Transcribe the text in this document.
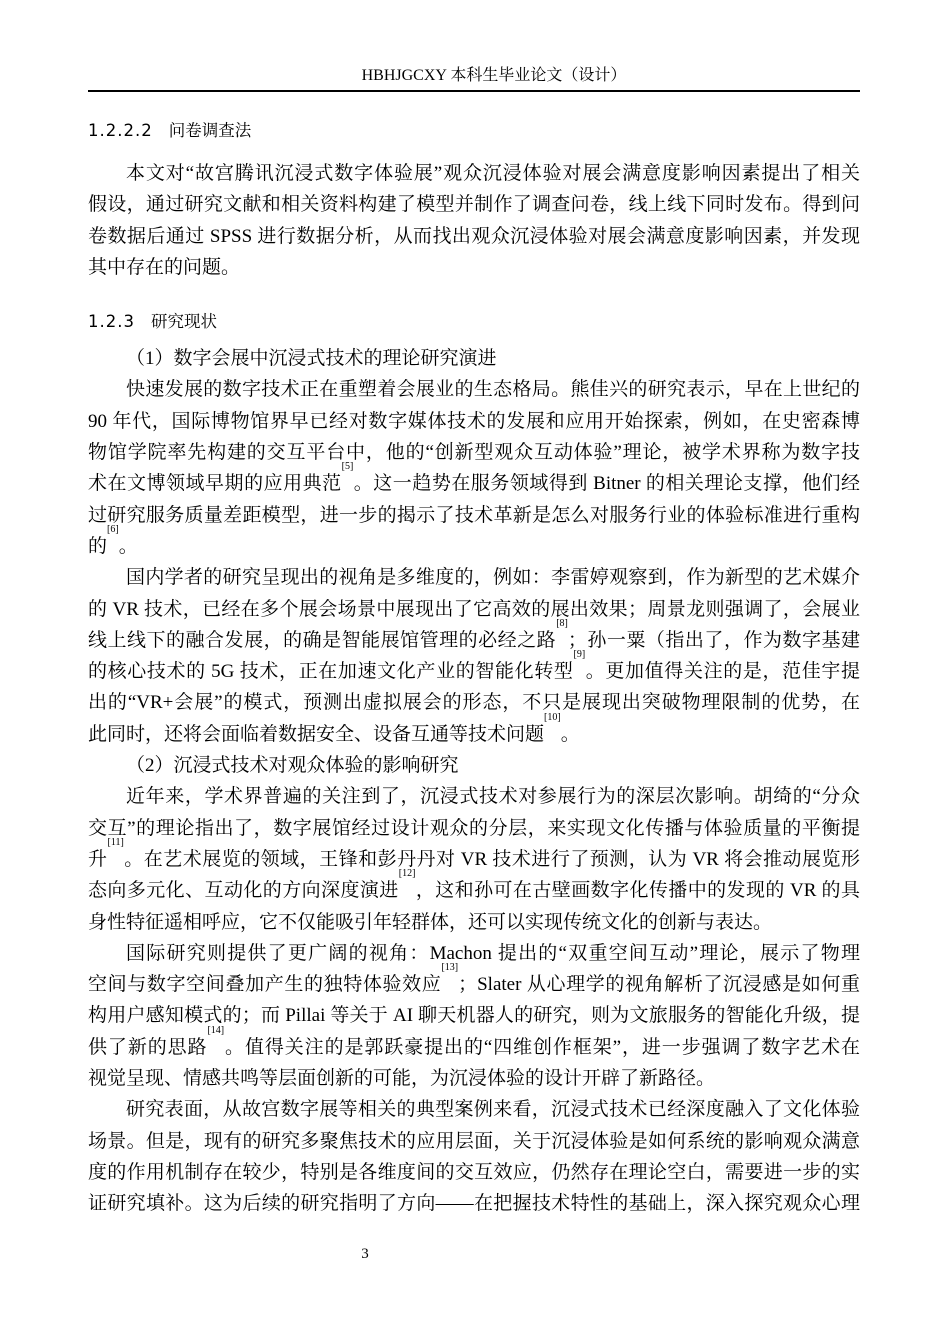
HBHJGCXY 本科生毕业论文（设计）
1.2.2.2 问卷调查法
本文对“故宫腾讯沉浸式数字体验展”观众沉浸体验对展会满意度影响因素提出了相关
假设，通过研究文献和相关资料构建了模型并制作了调查问卷，线上线下同时发布。得到问
卷数据后通过 SPSS 进行数据分析，从而找出观众沉浸体验对展会满意度影响因素，并发现
其中存在的问题。
1.2.3 研究现状
（1）数字会展中沉浸式技术的理论研究演进
快速发展的数字技术正在重塑着会展业的生态格局。熊佳兴的研究表示，早在上世纪的
90 年代，国际博物馆界早已经对数字媒体技术的发展和应用开始探索，例如，在史密森博
物馆学院率先构建的交互平台中，他的“创新型观众互动体验”理论，被学术界称为数字技
术在文博领域早期的应用典范[5]。这一趋势在服务领域得到 Bitner 的相关理论支撑，他们经
过研究服务质量差距模型，进一步的揭示了技术革新是怎么对服务行业的体验标准进行重构
的[6]。
国内学者的研究呈现出的视角是多维度的，例如：李雷婷观察到，作为新型的艺术媒介
的 VR 技术，已经在多个展会场景中展现出了它高效的展出效果；周景龙则强调了，会展业
线上线下的融合发展，的确是智能展馆管理的必经之路[8]；孙一粟（指出了，作为数字基建
的核心技术的 5G 技术，正在加速文化产业的智能化转型[9]。更加值得关注的是，范佳宇提
出的“VR+会展”的模式，预测出虚拟展会的形态，不只是展现出突破物理限制的优势，在
此同时，还将会面临着数据安全、设备互通等技术问题[10]。
（2）沉浸式技术对观众体验的影响研究
近年来，学术界普遍的关注到了，沉浸式技术对参展行为的深层次影响。胡绮的“分众
交互”的理论指出了，数字展馆经过设计观众的分层，来实现文化传播与体验质量的平衡提
升[11]。在艺术展览的领域，王锋和彭丹丹对 VR 技术进行了预测，认为 VR 将会推动展览形
态向多元化、互动化的方向深度演进[12]，这和孙可在古壁画数字化传播中的发现的 VR 的具
身性特征遥相呼应，它不仅能吸引年轻群体，还可以实现传统文化的创新与表达。
国际研究则提供了更广阔的视角：Machon 提出的“双重空间互动”理论，展示了物理
空间与数字空间叠加产生的独特体验效应[13]；Slater 从心理学的视角解析了沉浸感是如何重
构用户感知模式的；而 Pillai 等关于 AI 聊天机器人的研究，则为文旅服务的智能化升级，提
供了新的思路[14]。值得关注的是郭跃豪提出的“四维创作框架”，进一步强调了数字艺术在
视觉呈现、情感共鸣等层面创新的可能，为沉浸体验的设计开辟了新路径。
研究表面，从故宫数字展等相关的典型案例来看，沉浸式技术已经深度融入了文化体验
场景。但是，现有的研究多聚焦技术的应用层面，关于沉浸体验是如何系统的影响观众满意
度的作用机制存在较少，特别是各维度间的交互效应，仍然存在理论空白，需要进一步的实
证研究填补。这为后续的研究指明了方向——在把握技术特性的基础上，深入探究观众心理
3
